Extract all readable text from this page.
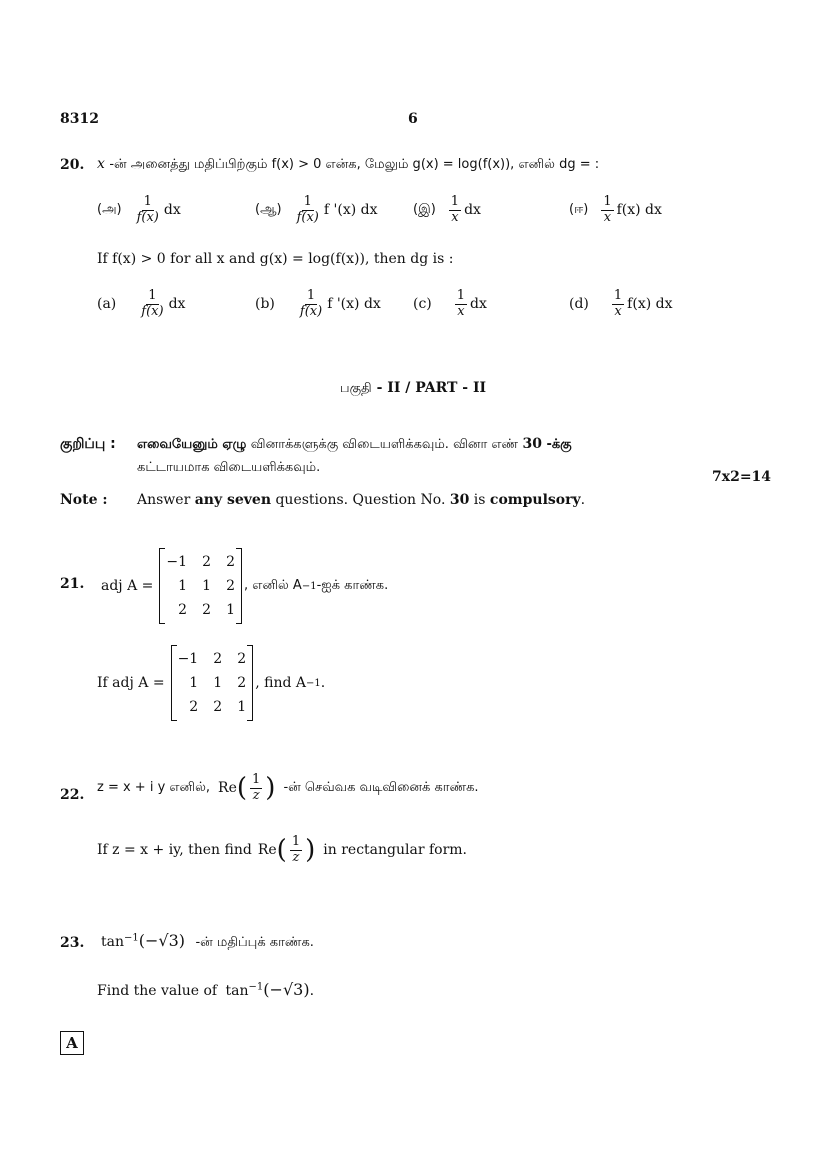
8312	6
20. x -ன் அனைத்து மதிப்பிற்கும் f(x) > 0 என்க, மேலும் g(x) = log(f(x)), எனில் dg = :
(அ) $\frac{1}{f(x)}$ dx	(ஆ) $\frac{1}{f(x)}$ f '(x) dx	(இ) $\frac{1}{x}$ dx	(ஈ) $\frac{1}{x} f(x)$ dx
If f(x) > 0 for all x and g(x) = log(f(x)), then dg is :
$(a) \frac{1}{f(x)}$ dx	$(b) \frac{1}{f(x)}$ f '(x) dx $(c) \frac{1}{x}$ dx	$(d) \frac{1}{x} f(x)$ dx
பகுதி - II / PART - II
குறிப்பு : எவையேனும் ஏழு வினாக்களுக்கு விடையளிக்கவும். வினா எண் 30 -க்கு
கட்டாயமாக விடையளிக்கவும்.
7x2=14
Note : Answer any seven questions. Question No. 30 is compulsory.
21. adj A =
−1 2 2
1 1 2
2 2 1
, எனில் A −1 -ஐக் காண்க.
If adj A =
−1 2 2
1 1 2
2 2 1
, find A −1 .
22. z = x + i y எனில், Re ( $\frac{1}{z}$ ) -ன் செவ்வக வடிவினைக் காண்க.
If z = x + iy, then find Re ( $\frac{1}{z}$ ) in rectangular form.
23. $\tan^{-1}(-√3)$ -ன் மதிப்புக் காண்க.
Find the value of $\tan^{-1}(-√3)$.
A
